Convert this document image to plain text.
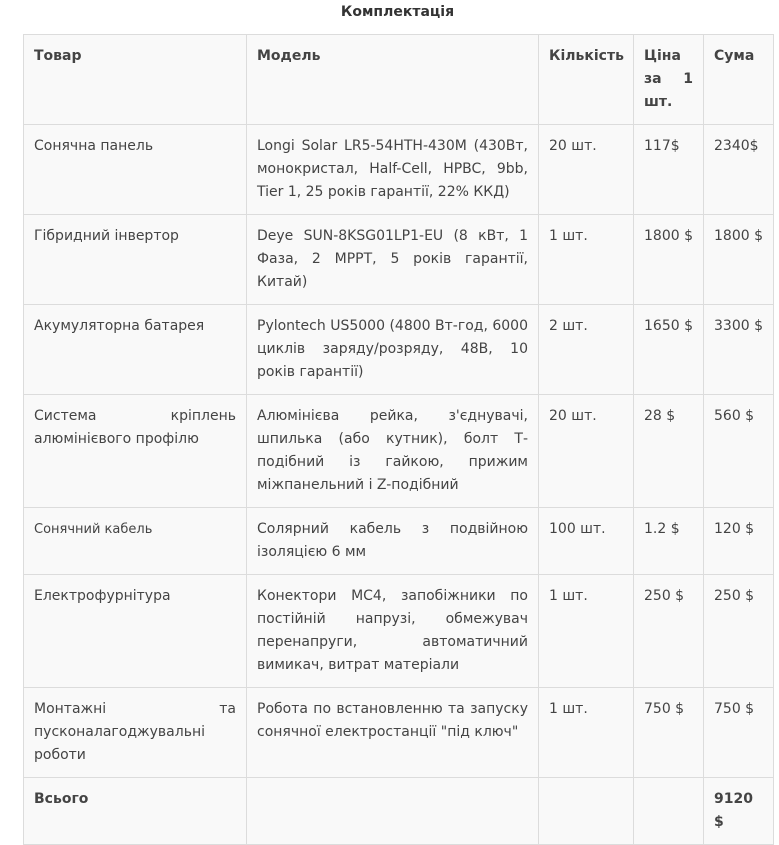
Комплектація
Товар	Модель	Кількість	Ціна за 1 шт.	Сума
Сонячна панель	Longi Solar LR5-54HTH-430M (430Вт, монокристал, Half-Cell, HPBC, 9bb, Tier 1, 25 років гарантії, 22% ККД)	20 шт.	117$	2340$
Гібридний інвертор	Deye SUN-8KSG01LP1-EU (8 кВт, 1 Фаза, 2 MPPT, 5 років гарантії, Китай)	1 шт.	1800 $	1800 $
Акумуляторна батарея	Pylontech US5000 (4800 Вт-год, 6000 циклів заряду/розряду, 48В, 10 років гарантії)	2 шт.	1650 $	3300 $
Система кріплень алюмінієвого профілю	Алюмінієва рейка, з'єднувачі, шпилька (або кутник), болт Т-подібний із гайкою, прижим міжпанельний і Z-подібний	20 шт.	28 $	560 $
Сонячний кабель	Солярний кабель з подвійною ізоляцією 6 мм	100 шт.	1.2 $	120 $
Електрофурнітура	Конектори МС4, запобіжники по постійній напрузі, обмежувач перенапруги, автоматичний вимикач, витрат матеріали	1 шт.	250 $	250 $
Монтажні та пусконалагоджувальні роботи	Робота по встановленню та запуску сонячної електростанції "під ключ"	1 шт.	750 $	750 $
Всього				9120 $
